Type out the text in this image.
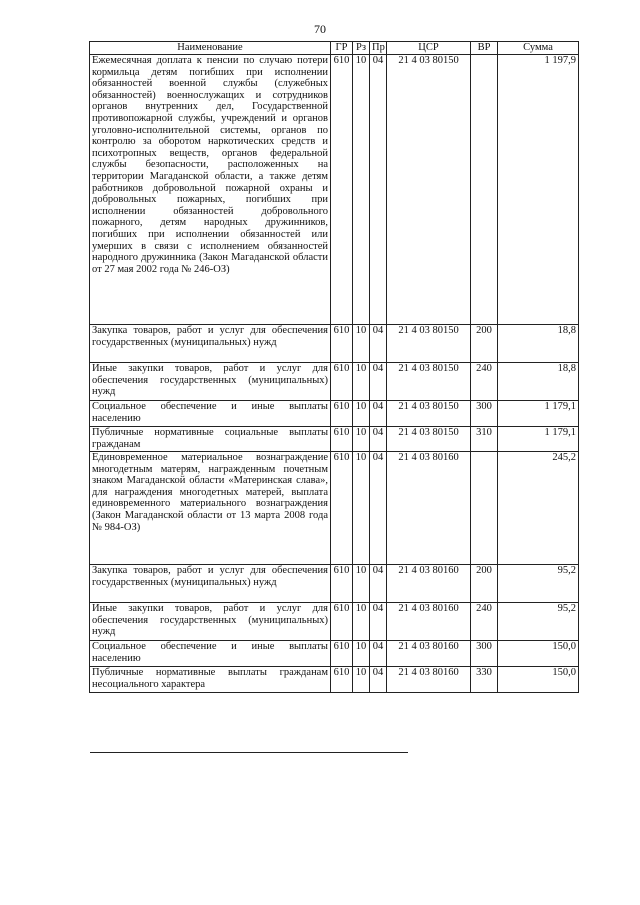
70
Наименование	ГР	Рз	Пр	ЦСР	ВР	Сумма
Ежемесячная доплата к пенсии по случаю потери кормильца детям погибших при исполнении обязанностей военной службы (служебных обязанностей) военнослужащих и сотрудников органов внутренних дел, Государственной противопожарной службы, учреждений и органов уголовно-исполнительной системы, органов по контролю за оборотом наркотических средств и психотропных веществ, органов федеральной службы безопасности, расположенных на территории Магаданской области, а также детям работников добровольной пожарной охраны и добровольных пожарных, погибших при исполнении обязанностей добровольного пожарного, детям народных дружинников, погибших при исполнении обязанностей или умерших в связи с исполнением обязанностей народного дружинника (Закон Магаданской области от 27 мая 2002 года № 246-ОЗ)	610	10	04	21 4 03 80150		1 197,9
Закупка товаров, работ и услуг для обеспечения государственных (муниципальных) нужд	610	10	04	21 4 03 80150	200	18,8
Иные закупки товаров, работ и услуг для обеспечения государственных (муниципальных) нужд	610	10	04	21 4 03 80150	240	18,8
Социальное обеспечение и иные выплаты населению	610	10	04	21 4 03 80150	300	1 179,1
Публичные нормативные социальные выплаты гражданам	610	10	04	21 4 03 80150	310	1 179,1
Единовременное материальное вознаграждение многодетным матерям, награжденным почетным знаком Магаданской области «Материнская слава», для награждения многодетных матерей, выплата единовременного материального вознаграждения (Закон Магаданской области от 13 марта 2008 года № 984-ОЗ)	610	10	04	21 4 03 80160		245,2
Закупка товаров, работ и услуг для обеспечения государственных (муниципальных) нужд	610	10	04	21 4 03 80160	200	95,2
Иные закупки товаров, работ и услуг для обеспечения государственных (муниципальных) нужд	610	10	04	21 4 03 80160	240	95,2
Социальное обеспечение и иные выплаты населению	610	10	04	21 4 03 80160	300	150,0
Публичные нормативные выплаты гражданам несоциального характера	610	10	04	21 4 03 80160	330	150,0
